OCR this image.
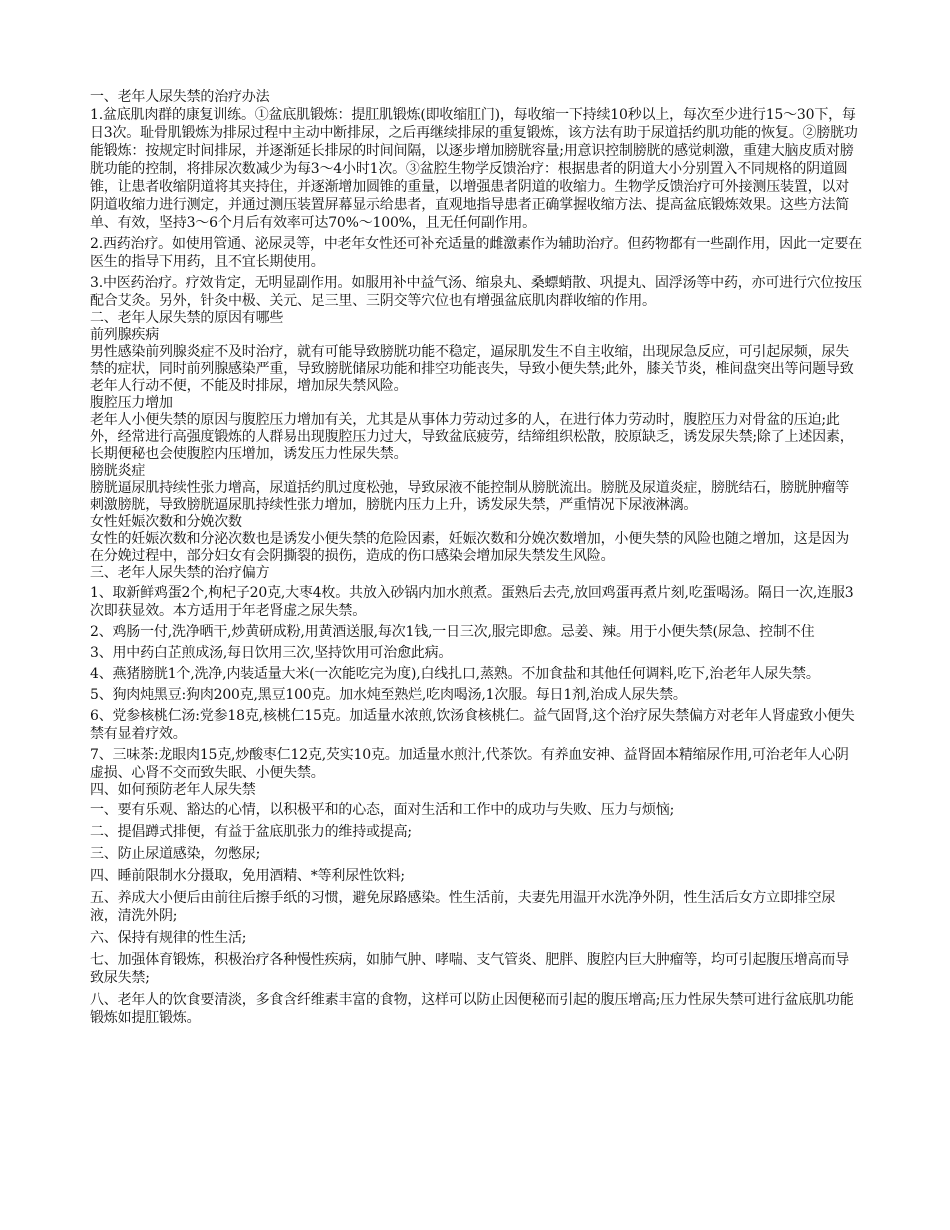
一、老年人尿失禁的治疗办法

1.盆底肌肉群的康复训练。①盆底肌锻炼：提肛肌锻炼(即收缩肛门)，每收缩一下持续10秒以上，每次至少进行15～30下，每日3次。耻骨肌锻炼为排尿过程中主动中断排尿，之后再继续排尿的重复锻炼，该方法有助于尿道括约肌功能的恢复。②膀胱功能锻炼：按规定时间排尿，并逐渐延长排尿的时间间隔，以逐步增加膀胱容量;用意识控制膀胱的感觉刺激，重建大脑皮质对膀胱功能的控制，将排尿次数减少为每3～4小时1次。③盆腔生物学反馈治疗：根据患者的阴道大小分别置入不同规格的阴道圆锥，让患者收缩阴道将其夹持住，并逐渐增加圆锥的重量，以增强患者阴道的收缩力。生物学反馈治疗可外接测压装置，以对阴道收缩力进行测定，并通过测压装置屏幕显示给患者，直观地指导患者正确掌握收缩方法、提高盆底锻炼效果。这些方法简单、有效，坚持3～6个月后有效率可达70%～100%，且无任何副作用。

2.西药治疗。如使用管通、泌尿灵等，中老年女性还可补充适量的雌激素作为辅助治疗。但药物都有一些副作用，因此一定要在医生的指导下用药，且不宜长期使用。

3.中医药治疗。疗效肯定，无明显副作用。如服用补中益气汤、缩泉丸、桑螵蛸散、巩提丸、固浮汤等中药，亦可进行穴位按压配合艾灸。另外，针灸中极、关元、足三里、三阴交等穴位也有增强盆底肌肉群收缩的作用。

二、老年人尿失禁的原因有哪些

前列腺疾病

男性感染前列腺炎症不及时治疗，就有可能导致膀胱功能不稳定，逼尿肌发生不自主收缩，出现尿急反应，可引起尿频，尿失禁的症状，同时前列腺感染严重，导致膀胱储尿功能和排空功能丧失，导致小便失禁;此外，膝关节炎，椎间盘突出等问题导致老年人行动不便，不能及时排尿，增加尿失禁风险。

腹腔压力增加

老年人小便失禁的原因与腹腔压力增加有关，尤其是从事体力劳动过多的人，在进行体力劳动时，腹腔压力对骨盆的压迫;此外，经常进行高强度锻炼的人群易出现腹腔压力过大，导致盆底疲劳，结缔组织松散，胶原缺乏，诱发尿失禁;除了上述因素，长期便秘也会使腹腔内压增加，诱发压力性尿失禁。

膀胱炎症

膀胱逼尿肌持续性张力增高，尿道括约肌过度松弛，导致尿液不能控制从膀胱流出。膀胱及尿道炎症，膀胱结石，膀胱肿瘤等刺激膀胱，导致膀胱逼尿肌持续性张力增加，膀胱内压力上升，诱发尿失禁，严重情况下尿液淋漓。

女性妊娠次数和分娩次数

女性的妊娠次数和分泌次数也是诱发小便失禁的危险因素，妊娠次数和分娩次数增加，小便失禁的风险也随之增加，这是因为在分娩过程中，部分妇女有会阴撕裂的损伤，造成的伤口感染会增加尿失禁发生风险。

三、老年人尿失禁的治疗偏方

1、取新鲜鸡蛋2个,枸杞子20克,大枣4枚。共放入砂锅内加水煎煮。蛋熟后去壳,放回鸡蛋再煮片刻,吃蛋喝汤。隔日一次,连服3次即获显效。本方适用于年老肾虚之尿失禁。

2、鸡肠一付,洗净晒干,炒黄研成粉,用黄酒送服,每次1钱,一日三次,服完即愈。忌姜、辣。用于小便失禁(尿急、控制不住

3、用中药白芷煎成汤,每日饮用三次,坚持饮用可治愈此病。

4、燕猪膀胱1个,洗净,内装适量大米(一次能吃完为度),白线扎口,蒸熟。不加食盐和其他任何调料,吃下,治老年人尿失禁。

5、狗肉炖黑豆:狗肉200克,黑豆100克。加水炖至熟烂,吃肉喝汤,1次服。每日1剂,治成人尿失禁。

6、党参核桃仁汤:党参18克,核桃仁15克。加适量水浓煎,饮汤食核桃仁。益气固肾,这个治疗尿失禁偏方对老年人肾虚致小便失禁有显着疗效。

7、三味茶:龙眼肉15克,炒酸枣仁12克,芡实10克。加适量水煎汁,代茶饮。有养血安神、益肾固本精缩尿作用,可治老年人心阴虚损、心肾不交而致失眠、小便失禁。

四、如何预防老年人尿失禁

一、要有乐观、豁达的心情，以积极平和的心态，面对生活和工作中的成功与失败、压力与烦恼;

二、提倡蹲式排便，有益于盆底肌张力的维持或提高;

三、防止尿道感染，勿憋尿;

四、睡前限制水分摄取，免用酒精、*等利尿性饮料;

五、养成大小便后由前往后擦手纸的习惯，避免尿路感染。性生活前，夫妻先用温开水洗净外阴，性生活后女方立即排空尿液，清洗外阴;

六、保持有规律的性生活;

七、加强体育锻炼，积极治疗各种慢性疾病，如肺气肿、哮喘、支气管炎、肥胖、腹腔内巨大肿瘤等，均可引起腹压增高而导致尿失禁;

八、老年人的饮食要清淡，多食含纤维素丰富的食物，这样可以防止因便秘而引起的腹压增高;压力性尿失禁可进行盆底肌功能锻炼如提肛锻炼。
